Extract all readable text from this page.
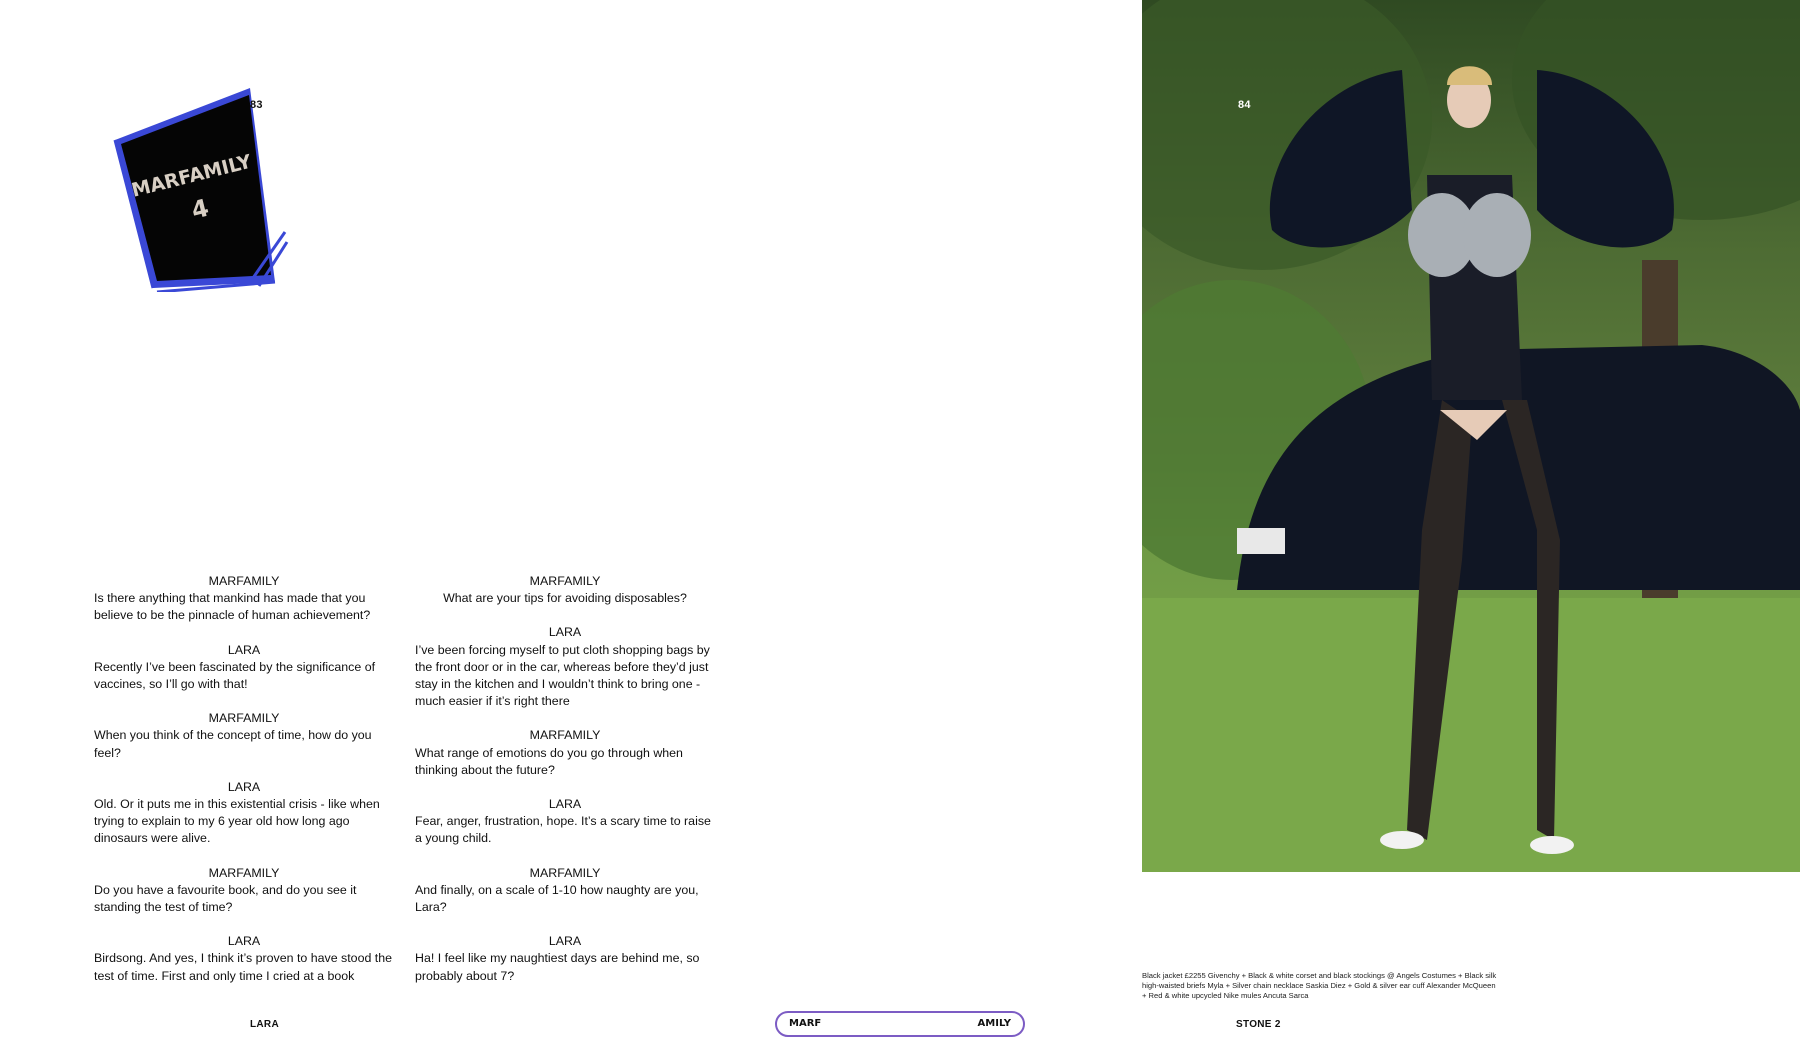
MARFAMILY
4
83
MARFAMILY
Is there anything that mankind has made that you believe to be the pinnacle of human achievement?
LARA
Recently I’ve been fascinated by the significance of vaccines, so I’ll go with that!
MARFAMILY
When you think of the concept of time, how do you feel?
LARA
Old. Or it puts me in this existential crisis - like when trying to explain to my 6 year old how long ago dinosaurs were alive.
MARFAMILY
Do you have a favourite book, and do you see it standing the test of time?
LARA
Birdsong. And yes, I think it’s proven to have stood the test of time. First and only time I cried at a book
MARFAMILY
What are your tips for avoiding disposables?
LARA
I’ve been forcing myself to put cloth shopping bags by the front door or in the car, whereas before they’d just stay in the kitchen and I wouldn’t think to bring one - much easier if it’s right there
MARFAMILY
What range of emotions do you go through when thinking about the future?
LARA
Fear, anger, frustration, hope. It’s a scary time to raise a young child.
MARFAMILY
And finally, on a scale of 1-10 how naughty are you, Lara?
LARA
Ha! I feel like my naughtiest days are behind me, so probably about 7?
84
Black jacket £2255 Givenchy + Black & white corset and black stockings @ Angels Costumes + Black silk high-waisted briefs Myla + Silver chain necklace Saskia Diez + Gold & silver ear cuff Alexander McQueen + Red & white upcycled Nike mules Ancuta Sarca
LARA	MARF	AMILY	STONE 2
